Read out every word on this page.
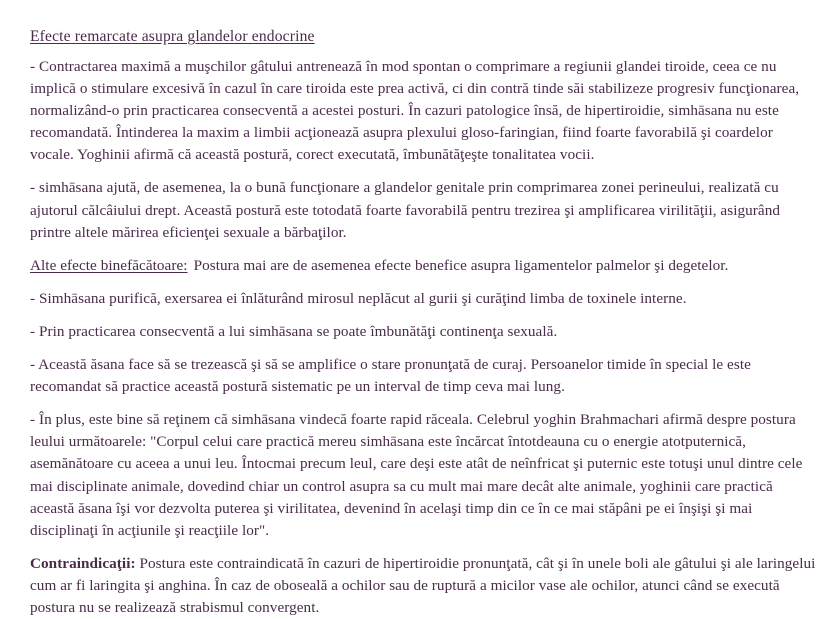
Efecte remarcate asupra glandelor endocrine

- Contractarea maximă a muşchilor gâtului antrenează în mod spontan o comprimare a regiunii glandei tiroide, ceea ce nu implică o stimulare excesivă în cazul în care tiroida este prea activă, ci din contră tinde săi stabilizeze progresiv funcţionarea, normalizând-o prin practicarea consecventă a acestei posturi. În cazuri patologice însă, de hipertiroidie, simhāsana nu este recomandată. Întinderea la maxim a limbii acţionează asupra plexului gloso-faringian, fiind foarte favorabilă şi coardelor vocale. Yoghinii afirmă că această postură, corect executată, îmbunătăţeşte tonalitatea vocii.

- simhāsana ajută, de asemenea, la o bună funcţionare a glandelor genitale prin comprimarea zonei perineului, realizată cu ajutorul călcâiului drept. Această postură este totodată foarte favorabilă pentru trezirea şi amplificarea virilităţii, asigurând printre altele mărirea eficienţei sexuale a bărbaţilor.

Alte efecte binefăcătoare: Postura mai are de asemenea efecte benefice asupra ligamentelor palmelor şi degetelor.

- Simhāsana purifică, exersarea ei înlăturând mirosul neplăcut al gurii şi curăţind limba de toxinele interne.

- Prin practicarea consecventă a lui simhāsana se poate îmbunătăţi continenţa sexuală.

- Această ăsana face să se trezească şi să se amplifice o stare pronunţată de curaj. Persoanelor timide în special le este recomandat să practice această postură sistematic pe un interval de timp ceva mai lung.

- În plus, este bine să reţinem că simhāsana vindecă foarte rapid răceala. Celebrul yoghin Brahmachari afirmă despre postura leului următoarele: "Corpul celui care practică mereu simhāsana este încărcat întotdeauna cu o energie atotputernică, asemănătoare cu aceea a unui leu. Întocmai precum leul, care deşi este atât de neînfricat şi puternic este totuşi unul dintre cele mai disciplinate animale, dovedind chiar un control asupra sa cu mult mai mare decât alte animale, yoghinii care practică această ăsana îşi vor dezvolta puterea şi virilitatea, devenind în acelaşi timp din ce în ce mai stăpâni pe ei înşişi şi mai disciplinaţi în acţiunile şi reacţiile lor".

Contraindicaţii: Postura este contraindicată în cazuri de hipertiroidie pronunţată, cât şi în unele boli ale gâtului şi ale laringelui cum ar fi laringita şi anghina. În caz de oboseală a ochilor sau de ruptură a micilor vase ale ochilor, atunci când se execută postura nu se realizează strabismul convergent.
